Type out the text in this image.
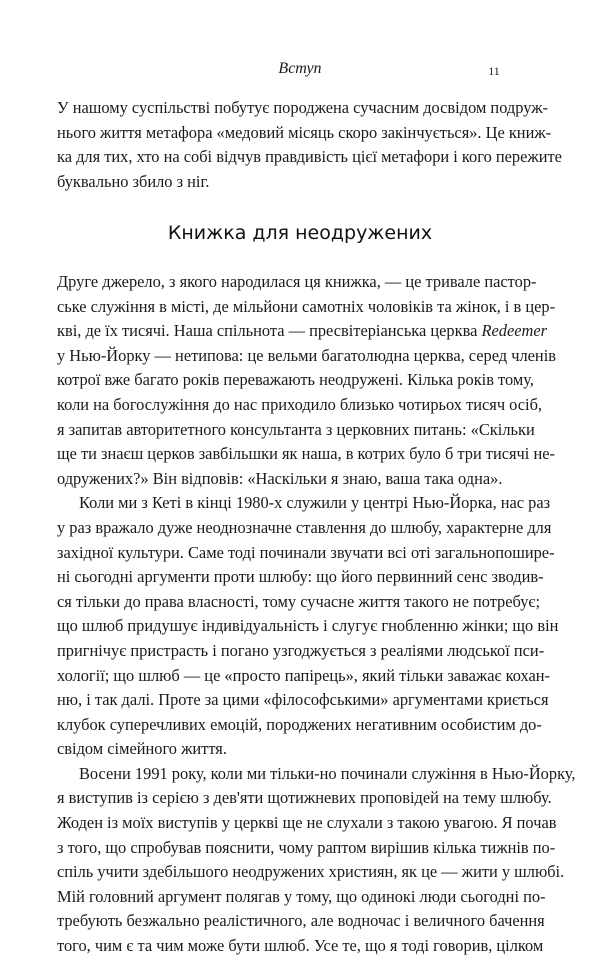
Вступ	11
У нашому суспільстві побутує породжена сучасним досвідом подруж-
нього життя метафора «медовий місяць скоро закінчується». Це книж-
ка для тих, хто на собі відчув правдивість цієї метафори і кого пережите
буквально збило з ніг.
Книжка для неодружених
Друге джерело, з якого народилася ця книжка, — це тривале пастор-
ське служіння в місті, де мільйони самотніх чоловіків та жінок, і в цер-
кві, де їх тисячі. Наша спільнота — пресвітеріанська церква Redeemer
у Нью-Йорку — нетипова: це вельми багатолюдна церква, серед членів
котрої вже багато років переважають неодружені. Кілька років тому,
коли на богослужіння до нас приходило близько чотирьох тисяч осіб,
я запитав авторитетного консультанта з церковних питань: «Скільки
ще ти знаєш церков завбільшки як наша, в котрих було б три тисячі не-
одружених?» Він відповів: «Наскільки я знаю, ваша така одна».
Коли ми з Кеті в кінці 1980-х служили у центрі Нью-Йорка, нас раз
у раз вражало дуже неоднозначне ставлення до шлюбу, характерне для
західної культури. Саме тоді починали звучати всі оті загальнопошире-
ні сьогодні аргументи проти шлюбу: що його первинний сенс зводив-
ся тільки до права власності, тому сучасне життя такого не потребує;
що шлюб придушує індивідуальність і слугує гнобленню жінки; що він
пригнічує пристрасть і погано узгоджується з реаліями людської пси-
хології; що шлюб — це «просто папірець», який тільки заважає кохан-
ню, і так далі. Проте за цими «філософськими» аргументами криється
клубок суперечливих емоцій, породжених негативним особистим до-
свідом сімейного життя.
Восени 1991 року, коли ми тільки-но починали служіння в Нью-Йорку,
я виступив із серією з дев'яти щотижневих проповідей на тему шлюбу.
Жоден із моїх виступів у церкві ще не слухали з такою увагою. Я почав
з того, що спробував пояснити, чому раптом вирішив кілька тижнів по-
спіль учити здебільшого неодружених християн, як це — жити у шлюбі.
Мій головний аргумент полягав у тому, що одинокі люди сьогодні по-
требують безжально реалістичного, але водночас і величного бачення
того, чим є та чим може бути шлюб. Усе те, що я тоді говорив, цілком
